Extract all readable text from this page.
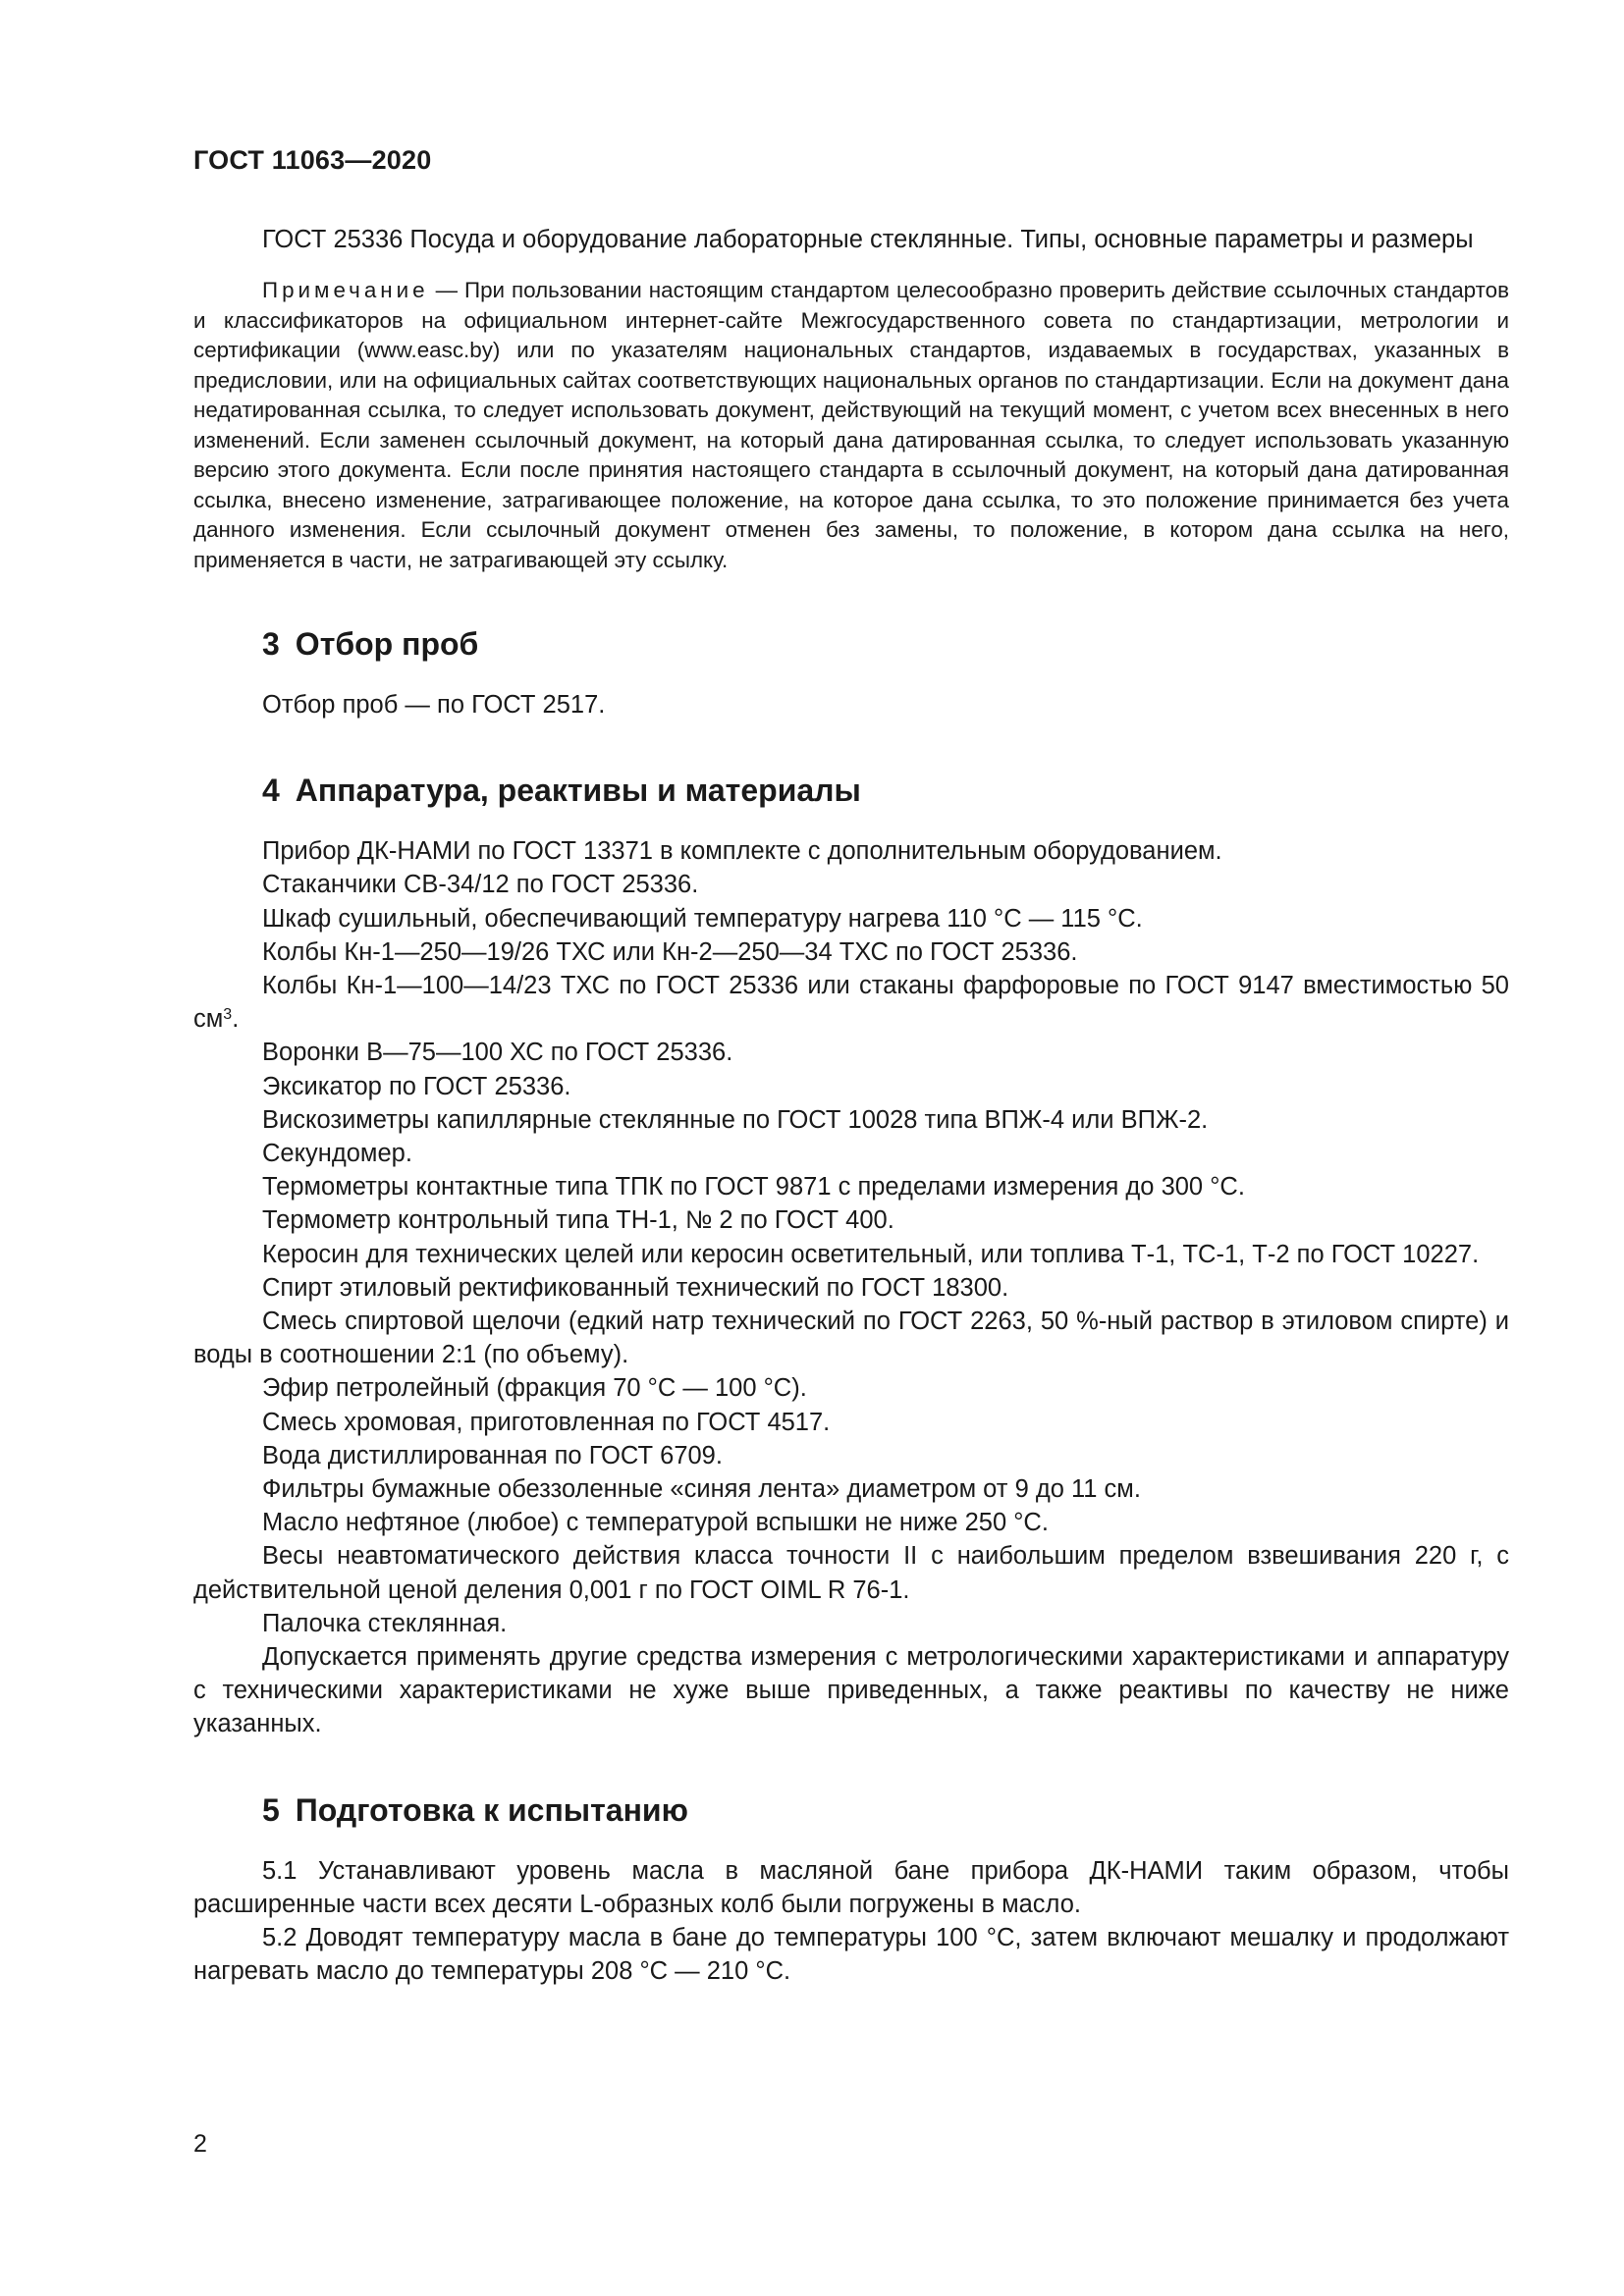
ГОСТ 11063—2020

ГОСТ 25336 Посуда и оборудование лабораторные стеклянные. Типы, основные параметры и размеры

Примечание — При пользовании настоящим стандартом целесообразно проверить действие ссылочных стандартов и классификаторов на официальном интернет-сайте Межгосударственного совета по стандартизации, метрологии и сертификации (www.easc.by) или по указателям национальных стандартов, издаваемых в государствах, указанных в предисловии, или на официальных сайтах соответствующих национальных органов по стандартизации. Если на документ дана недатированная ссылка, то следует использовать документ, действующий на текущий момент, с учетом всех внесенных в него изменений. Если заменен ссылочный документ, на который дана датированная ссылка, то следует использовать указанную версию этого документа. Если после принятия настоящего стандарта в ссылочный документ, на который дана датированная ссылка, внесено изменение, затрагивающее положение, на которое дана ссылка, то это положение принимается без учета данного изменения. Если ссылочный документ отменен без замены, то положение, в котором дана ссылка на него, применяется в части, не затрагивающей эту ссылку.

3 Отбор проб

Отбор проб — по ГОСТ 2517.

4 Аппаратура, реактивы и материалы

Прибор ДК-НАМИ по ГОСТ 13371 в комплекте с дополнительным оборудованием.

Стаканчики СВ-34/12 по ГОСТ 25336.

Шкаф сушильный, обеспечивающий температуру нагрева 110 °С — 115 °С.

Колбы Кн-1—250—19/26 ТХС или Кн-2—250—34 ТХС по ГОСТ 25336.

Колбы Кн-1—100—14/23 ТХС по ГОСТ 25336 или стаканы фарфоровые по ГОСТ 9147 вместимостью 50 $см^3$.

Воронки В—75—100 ХС по ГОСТ 25336.

Эксикатор по ГОСТ 25336.

Вискозиметры капиллярные стеклянные по ГОСТ 10028 типа ВПЖ-4 или ВПЖ-2.

Секундомер.

Термометры контактные типа ТПК по ГОСТ 9871 с пределами измерения до 300 °С.

Термометр контрольный типа ТН-1, № 2 по ГОСТ 400.

Керосин для технических целей или керосин осветительный, или топлива Т-1, ТС-1, Т-2 по ГОСТ 10227.

Спирт этиловый ректификованный технический по ГОСТ 18300.

Смесь спиртовой щелочи (едкий натр технический по ГОСТ 2263, 50 %-ный раствор в этиловом спирте) и воды в соотношении 2:1 (по объему).

Эфир петролейный (фракция 70 °С — 100 °С).

Смесь хромовая, приготовленная по ГОСТ 4517.

Вода дистиллированная по ГОСТ 6709.

Фильтры бумажные обеззоленные «синяя лента» диаметром от 9 до 11 см.

Масло нефтяное (любое) с температурой вспышки не ниже 250 °С.

Весы неавтоматического действия класса точности II с наибольшим пределом взвешивания 220 г, с действительной ценой деления 0,001 г по ГОСТ OIML R 76-1.

Палочка стеклянная.

Допускается применять другие средства измерения с метрологическими характеристиками и аппаратуру с техническими характеристиками не хуже выше приведенных, а также реактивы по качеству не ниже указанных.

5 Подготовка к испытанию

5.1 Устанавливают уровень масла в масляной бане прибора ДК-НАМИ таким образом, чтобы расширенные части всех десяти L-образных колб были погружены в масло.

5.2 Доводят температуру масла в бане до температуры 100 °С, затем включают мешалку и продолжают нагревать масло до температуры 208 °С — 210 °С.

2
